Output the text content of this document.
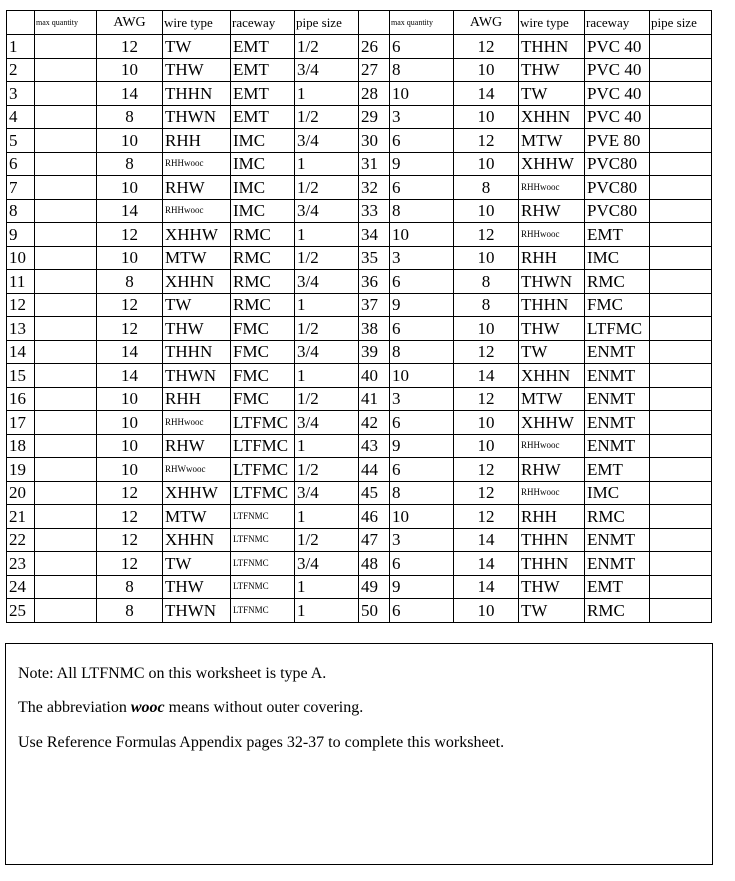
	max quantity	AWG	wire type	raceway	pipe size		max quantity	AWG	wire type	raceway	pipe size
1		12	TW	EMT	1/2	26	6	12	THHN	PVC 40	
2		10	THW	EMT	3/4	27	8	10	THW	PVC 40	
3		14	THHN	EMT	1	28	10	14	TW	PVC 40	
4		8	THWN	EMT	1/2	29	3	10	XHHN	PVC 40	
5		10	RHH	IMC	3/4	30	6	12	MTW	PVE 80	
6		8	RHHwooc	IMC	1	31	9	10	XHHW	PVC80	
7		10	RHW	IMC	1/2	32	6	8	RHHwooc	PVC80	
8		14	RHHwooc	IMC	3/4	33	8	10	RHW	PVC80	
9		12	XHHW	RMC	1	34	10	12	RHHwooc	EMT	
10		10	MTW	RMC	1/2	35	3	10	RHH	IMC	
11		8	XHHN	RMC	3/4	36	6	8	THWN	RMC	
12		12	TW	RMC	1	37	9	8	THHN	FMC	
13		12	THW	FMC	1/2	38	6	10	THW	LTFMC	
14		14	THHN	FMC	3/4	39	8	12	TW	ENMT	
15		14	THWN	FMC	1	40	10	14	XHHN	ENMT	
16		10	RHH	FMC	1/2	41	3	12	MTW	ENMT	
17		10	RHHwooc	LTFMC	3/4	42	6	10	XHHW	ENMT	
18		10	RHW	LTFMC	1	43	9	10	RHHwooc	ENMT	
19		10	RHWwooc	LTFMC	1/2	44	6	12	RHW	EMT	
20		12	XHHW	LTFMC	3/4	45	8	12	RHHwooc	IMC	
21		12	MTW	LTFNMC	1	46	10	12	RHH	RMC	
22		12	XHHN	LTFNMC	1/2	47	3	14	THHN	ENMT	
23		12	TW	LTFNMC	3/4	48	6	14	THHN	ENMT	
24		8	THW	LTFNMC	1	49	9	14	THW	EMT	
25		8	THWN	LTFNMC	1	50	6	10	TW	RMC	

Note: All LTFNMC on this worksheet is type A.

The abbreviation wooc means without outer covering.

Use Reference Formulas Appendix pages 32-37 to complete this worksheet.
